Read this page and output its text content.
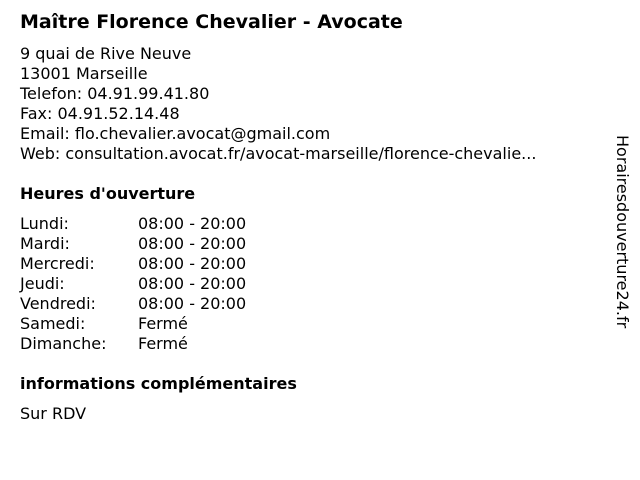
Maître Florence Chevalier - Avocate
9 quai de Rive Neuve
13001 Marseille
Telefon: 04.91.99.41.80
Fax: 04.91.52.14.48
Email: flo.chevalier.avocat@gmail.com
Web: consultation.avocat.fr/avocat-marseille/florence-chevalie...
Heures d'ouverture
Lundi:	08:00 - 20:00
Mardi:	08:00 - 20:00
Mercredi:	08:00 - 20:00
Jeudi:	08:00 - 20:00
Vendredi:	08:00 - 20:00
Samedi:	Fermé
Dimanche:	Fermé
informations complémentaires
Sur RDV
Horairesdouverture24.fr
